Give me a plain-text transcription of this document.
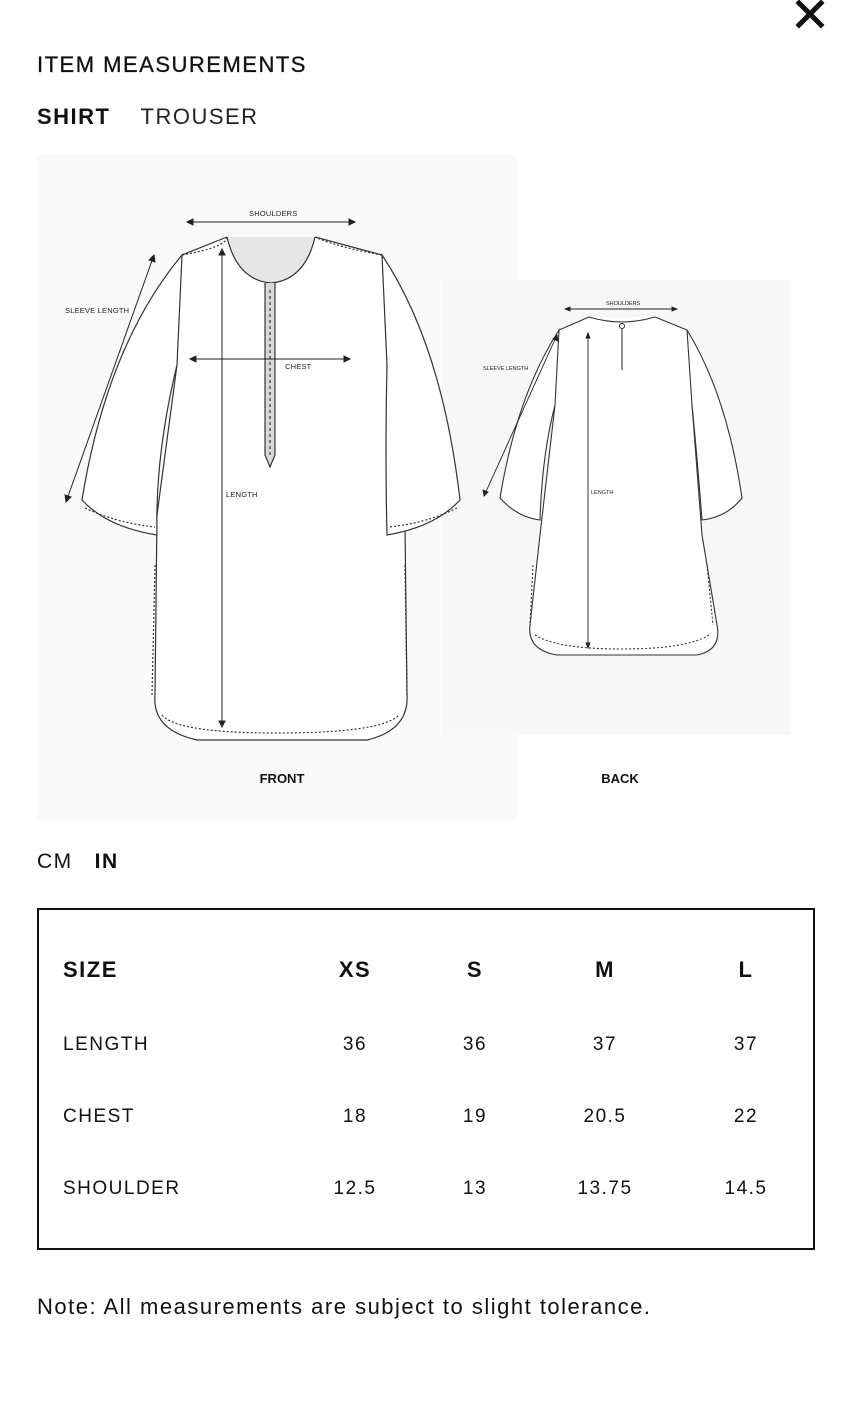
ITEM MEASUREMENTS
SHIRT TROUSER
SHOULDERS
SLEEVE LENGTH
CHEST
LENGTH
FRONT
SHOULDERS
SLEEVE LENGTH
LENGTH
BACK
CM IN
SIZE	XS	S	M	L
LENGTH	36	36	37	37
CHEST	18	19	20.5	22
SHOULDER	12.5	13	13.75	14.5
Note: All measurements are subject to slight tolerance.
